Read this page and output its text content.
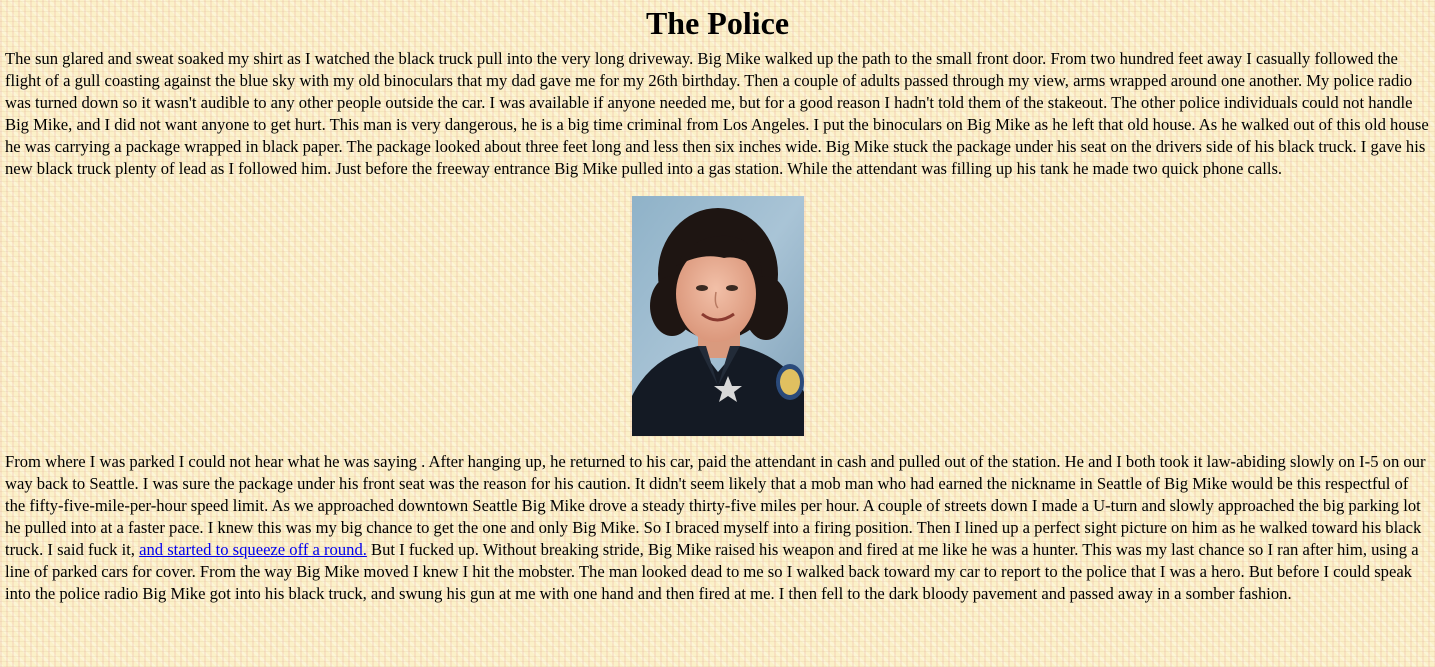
The Police

The sun glared and sweat soaked my shirt as I watched the black truck pull into the very long driveway. Big Mike walked up the path to the small front door. From two hundred feet away I casually followed the flight of a gull coasting against the blue sky with my old binoculars that my dad gave me for my 26th birthday. Then a couple of adults passed through my view, arms wrapped around one another. My police radio was turned down so it wasn't audible to any other people outside the car. I was available if anyone needed me, but for a good reason I hadn't told them of the stakeout. The other police individuals could not handle Big Mike, and I did not want anyone to get hurt. This man is very dangerous, he is a big time criminal from Los Angeles. I put the binoculars on Big Mike as he left that old house. As he walked out of this old house he was carrying a package wrapped in black paper. The package looked about three feet long and less then six inches wide. Big Mike stuck the package under his seat on the drivers side of his black truck. I gave his new black truck plenty of lead as I followed him. Just before the freeway entrance Big Mike pulled into a gas station. While the attendant was filling up his tank he made two quick phone calls.

From where I was parked I could not hear what he was saying . After hanging up, he returned to his car, paid the attendant in cash and pulled out of the station. He and I both took it law-abiding slowly on I-5 on our way back to Seattle. I was sure the package under his front seat was the reason for his caution. It didn't seem likely that a mob man who had earned the nickname in Seattle of Big Mike would be this respectful of the fifty-five-mile-per-hour speed limit. As we approached downtown Seattle Big Mike drove a steady thirty-five miles per hour. A couple of streets down I made a U-turn and slowly approached the big parking lot he pulled into at a faster pace. I knew this was my big chance to get the one and only Big Mike. So I braced myself into a firing position. Then I lined up a perfect sight picture on him as he walked toward his black truck. I said fuck it, and started to squeeze off a round. But I fucked up. Without breaking stride, Big Mike raised his weapon and fired at me like he was a hunter. This was my last chance so I ran after him, using a line of parked cars for cover. From the way Big Mike moved I knew I hit the mobster. The man looked dead to me so I walked back toward my car to report to the police that I was a hero. But before I could speak into the police radio Big Mike got into his black truck, and swung his gun at me with one hand and then fired at me. I then fell to the dark bloody pavement and passed away in a somber fashion.
